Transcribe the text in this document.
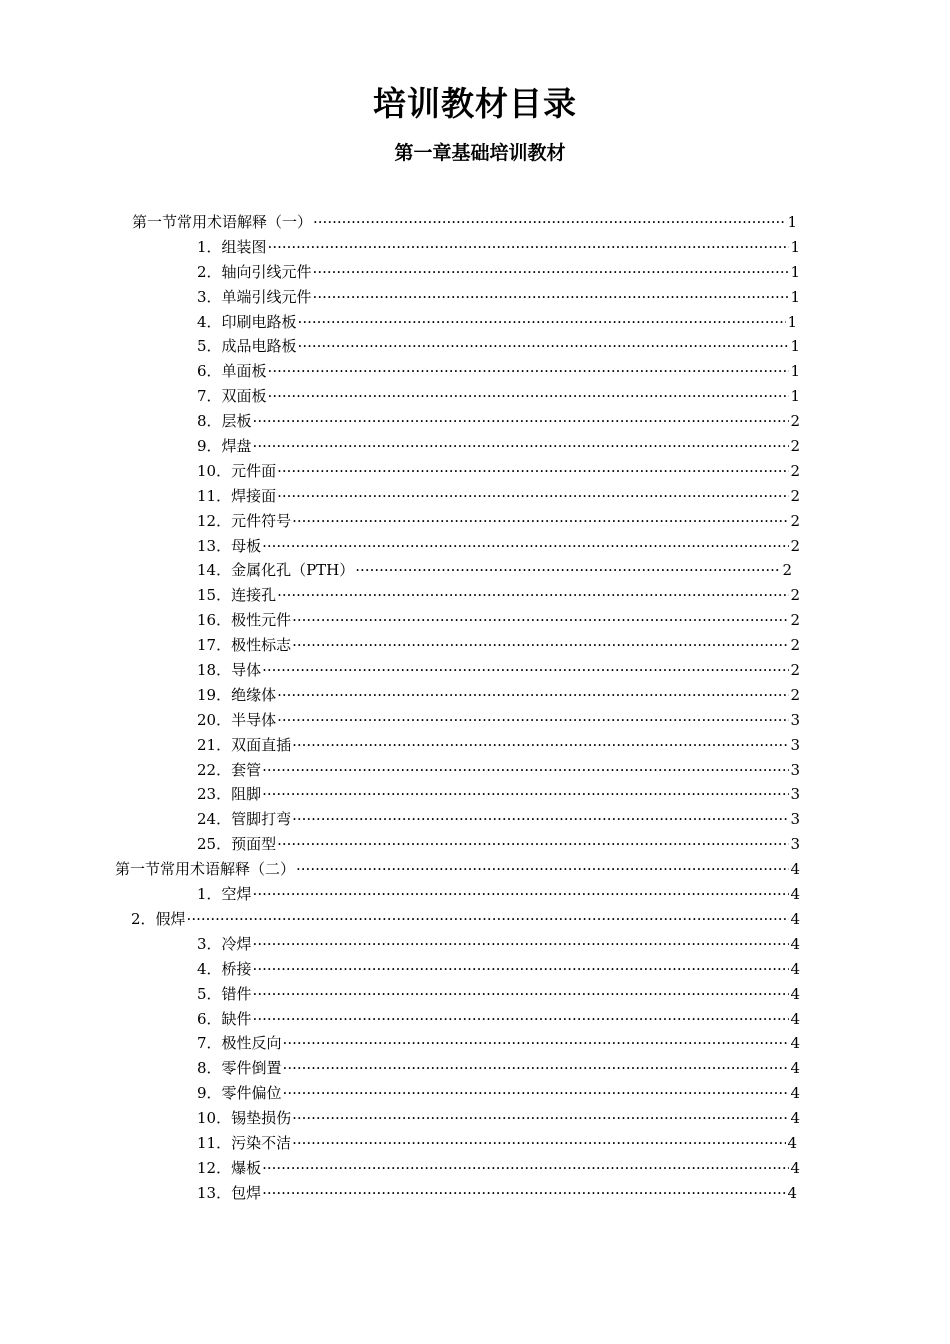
培训教材目录
第一章基础培训教材
第一节常用术语解释（一） ·····	1
1．组装图 ·····	1
2．轴向引线元件 ·····	1
3．单端引线元件 ·····	1
4．印刷电路板 ·····	1
5．成品电路板 ·····	1
6．单面板 ·····	1
7．双面板 ·····	1
8．层板 ·····	2
9．焊盘 ·····	2
10．元件面 ·····	2
11．焊接面 ·····	2
12．元件符号 ·····	2
13．母板 ·····	2
14．金属化孔（PTH） ·····	2
15．连接孔 ·····	2
16．极性元件 ·····	2
17．极性标志 ·····	2
18．导体 ·····	2
19．绝缘体 ·····	2
20．半导体 ·····	3
21．双面直插 ·····	3
22．套管 ·····	3
23．阻脚 ·····	3
24．管脚打弯 ·····	3
25．预面型 ·····	3
第一节常用术语解释（二） ·····	4
1．空焊 ·····	4
2．假焊 ·····	4
3．冷焊 ·····	4
4．桥接 ·····	4
5．错件 ·····	4
6．缺件 ·····	4
7．极性反向 ·····	4
8．零件倒置 ·····	4
9．零件偏位 ·····	4
10．锡垫损伤 ·····	4
11．污染不洁 ·····	4
12．爆板 ·····	4
13．包焊 ·····	4
